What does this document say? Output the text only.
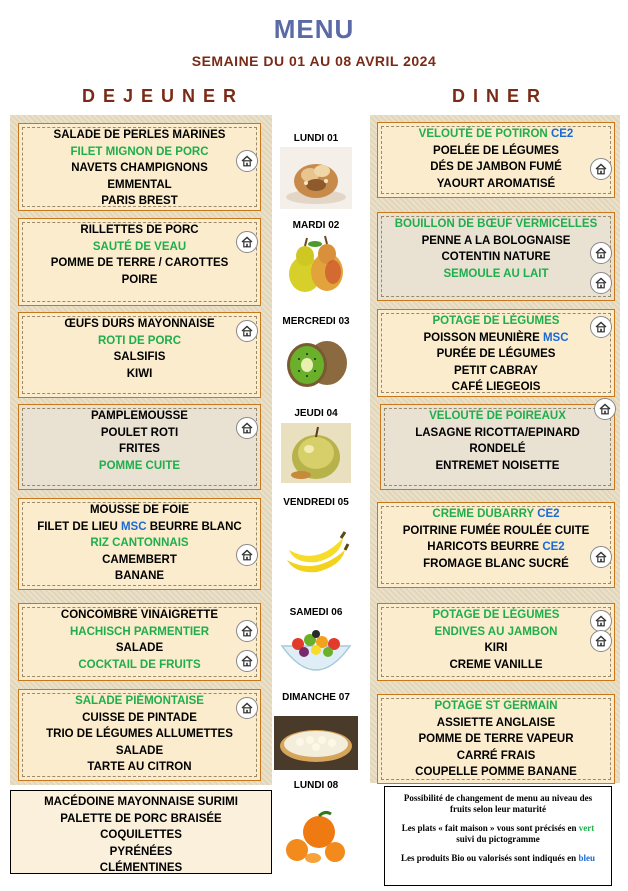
MENU
SEMAINE DU 01 AU 08 AVRIL 2024
DEJEUNER	DINER
SALADE DE PERLES MARINES
FILET MIGNON DE PORC
NAVETS CHAMPIGNONS
EMMENTAL
PARIS BREST
RILLETTES DE PORC
SAUTÉ DE VEAU
POMME DE TERRE / CAROTTES
POIRE
ŒUFS DURS MAYONNAISE
ROTI DE PORC
SALSIFIS
KIWI
PAMPLEMOUSSE
POULET ROTI
FRITES
POMME CUITE
MOUSSE DE FOIE
FILET DE LIEU MSC BEURRE BLANC
RIZ CANTONNAIS
CAMEMBERT
BANANE
CONCOMBRE VINAIGRETTE
HACHISCH PARMENTIER
SALADE
COCKTAIL DE FRUITS
SALADE PIÉMONTAISE
CUISSE DE PINTADE
TRIO DE LÉGUMES ALLUMETTES
SALADE
TARTE AU CITRON
MACÉDOINE MAYONNAISE SURIMI
PALETTE DE PORC BRAISÉE
COQUILETTES
PYRÉNÉES
CLÉMENTINES
VELOUTÉ DE POTIRON CE2
POELÉE DE LÉGUMES
DÉS DE JAMBON FUMÉ
YAOURT AROMATISÉ
BOUILLON DE BŒUF VERMICELLES
PENNE A LA BOLOGNAISE
COTENTIN NATURE
SEMOULE AU LAIT
POTAGE DE LÉGUMES
POISSON MEUNIÈRE MSC
PURÉE DE LÉGUMES
PETIT CABRAY
CAFÉ LIEGEOIS
VELOUTÉ DE POIREAUX
LASAGNE RICOTTA/EPINARD
RONDELÉ
ENTREMET NOISETTE
CREME DUBARRY CE2
POITRINE FUMÉE ROULÉE CUITE
HARICOTS BEURRE CE2
FROMAGE BLANC SUCRÉ
POTAGE DE LÉGUMES
ENDIVES AU JAMBON
KIRI
CREME VANILLE
POTAGE ST GERMAIN
ASSIETTE ANGLAISE
POMME DE TERRE VAPEUR
CARRÉ FRAIS
COUPELLE POMME BANANE
LUNDI 01
MARDI 02
MERCREDI 03
JEUDI 04
VENDREDI 05
SAMEDI 06
DIMANCHE 07
LUNDI 08

Possibilité de changement de menu au niveau des fruits selon leur maturité

Les plats « fait maison » vous sont précisés en vert suivi du pictogramme

Les produits Bio ou valorisés sont indiqués en bleu
